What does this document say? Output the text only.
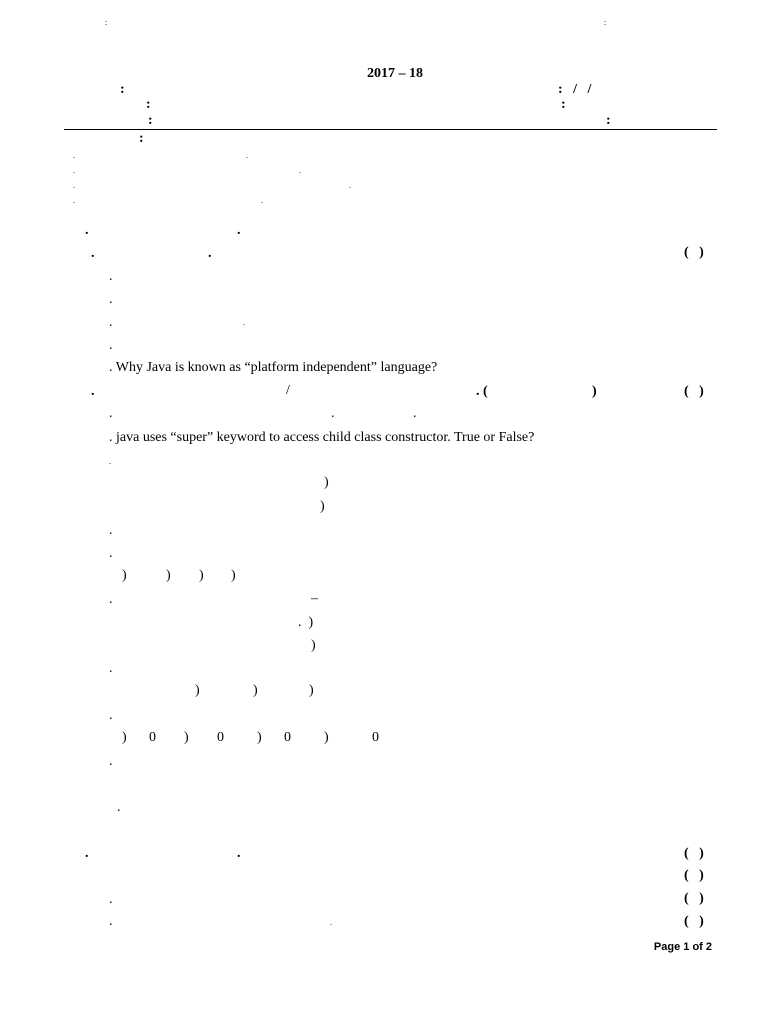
:	:
2017 – 18
:	:   /   /
:	:
:	:
:
.	.
.	.
.	.
.	.
.	.
.	.	(   )
.
.
.	.
.
. Why Java is known as “platform independent” language?
.	/	. (	)	(   )
.	.	.
. java uses “super” keyword to access child class constructor. True or False?
.
)
)
.
.
)	) ) )
.	–
.  )
)
.
)	)	)
.
) 0 ) 0 ) 0 )	0
.
.
.	.	(   )
(   )
.	(   )
.	.	(   )
Page 1 of 2
